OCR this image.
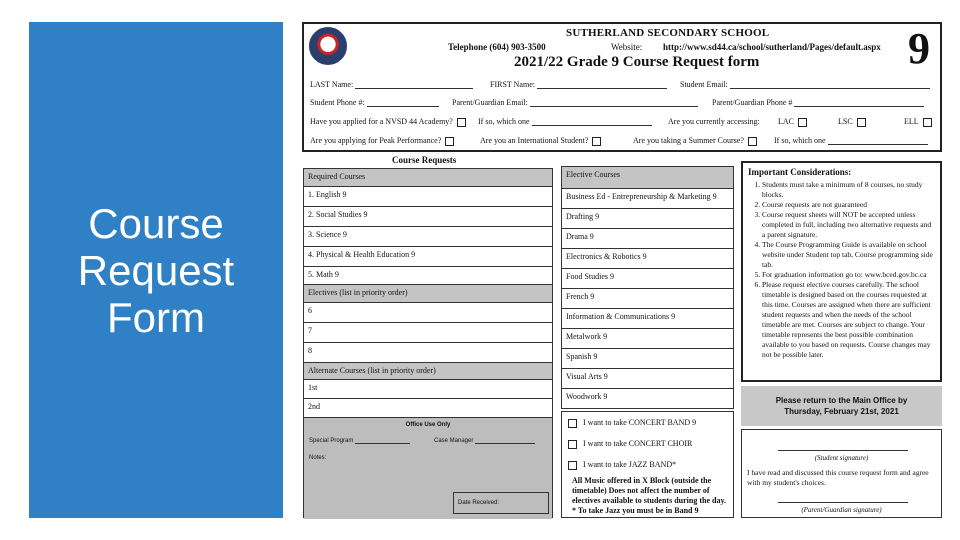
Course
Request
Form
SUTHERLAND SECONDARY SCHOOL
Telephone (604) 903-3500	Website: http://www.sd44.ca/school/sutherland/Pages/default.aspx
2021/22 Grade 9 Course Request form	9
LAST Name:	FIRST Name:	Student Email:
Student Phone #:	Parent/Guardian Email:	Parent/Guardian Phone #
Have you applied for a NVSD 44 Academy?	If so, which one	Are you currently accessing: LAC	LSC	ELL
Are you applying for Peak Performance?	Are you an International Student?	Are you taking a Summer Course?	If so, which one
Course Requests
Required Courses
1. English 9
2. Social Studies 9
3. Science 9
4. Physical & Health Education 9
5. Math 9
Electives (list in priority order)
6
7
8
Alternate Courses (list in priority order)
1st
2nd
Office Use Only
Special Program	Case Manager
Notes:
Date Received:
Elective Courses
Business Ed - Entrepreneurship & Marketing 9
Drafting 9
Drama 9
Electronics & Robotics 9
Food Studies 9
French 9
Information & Communications 9
Metalwork 9
Spanish 9
Visual Arts 9
Woodwork 9
I want to take CONCERT BAND 9
I want to take CONCERT CHOIR
I want to take JAZZ BAND*
All Music offered in X Block (outside the timetable) Does not affect the number of electives available to students during the day.
* To take Jazz you must be in Band 9
Important Considerations:
1. Students must take a minimum of 8 courses, no study blocks.
2. Course requests are not guaranteed
3. Course request sheets will NOT be accepted unless completed in full, including two alternative requests and a parent signature.
4. The Course Programming Guide is available on school website under Student top tab, Course programming side tab.
5. For graduation information go to: www.bced.gov.bc.ca
6. Please request elective courses carefully. The school timetable is designed based on the courses requested at this time. Courses are assigned when there are sufficient student requests and when the needs of the school timetable are met. Courses are subject to change. Your timetable represents the best possible combination available to you based on requests. Course changes may not be possible later.
Please return to the Main Office by
Thursday, February 21st, 2021
(Student signature)
I have read and discussed this course request form and agree with my student's choices.
(Parent/Guardian signature)
